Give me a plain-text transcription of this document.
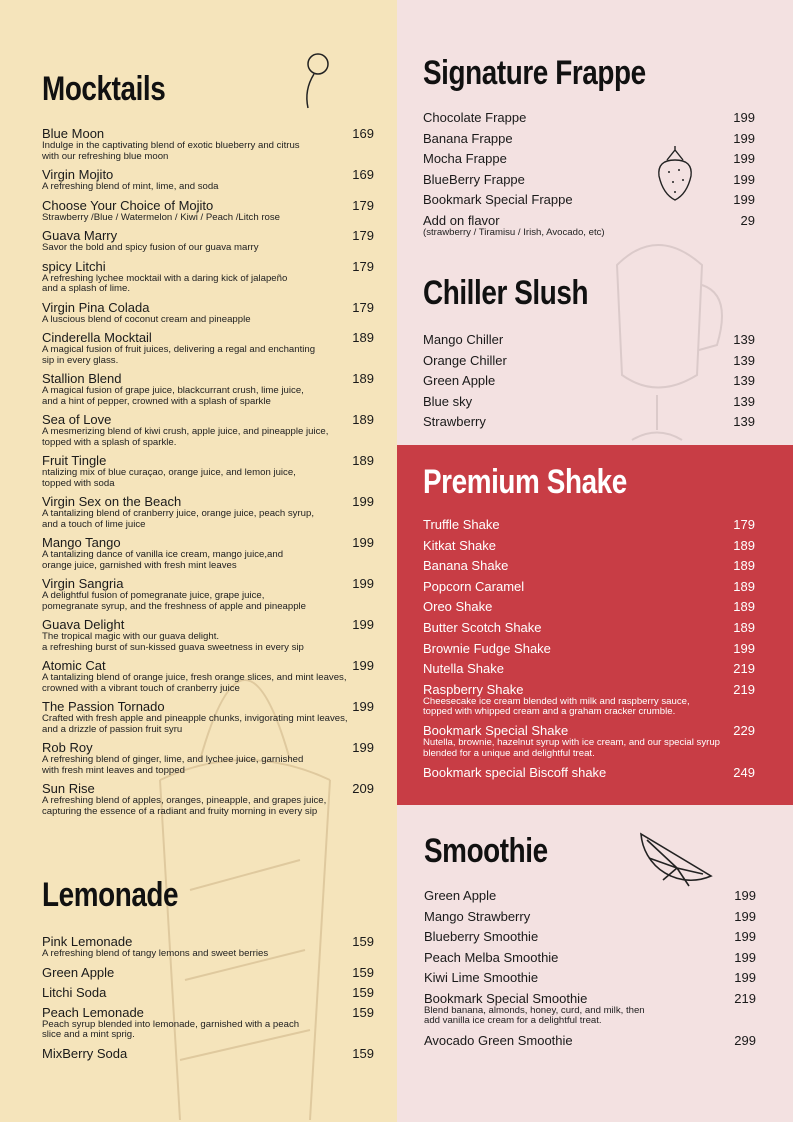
Mocktails
Blue Moon	169
Indulge in the captivating blend of exotic blueberry and citrus
with our refreshing blue moon
Virgin Mojito	169
A refreshing blend of mint, lime, and soda
Choose Your Choice of Mojito	179
Strawberry /Blue / Watermelon / Kiwi / Peach /Litch rose
Guava Marry	179
Savor the bold and spicy fusion of our guava marry
spicy Litchi	179
A refreshing lychee mocktail with a daring kick of jalapeño
and a splash of lime.
Virgin Pina Colada	179
A luscious blend of coconut cream and pineapple
Cinderella Mocktail	189
A magical fusion of fruit juices, delivering a regal and enchanting
sip in every glass.
Stallion Blend	189
A magical fusion of grape juice, blackcurrant crush, lime juice,
and a hint of pepper, crowned with a splash of sparkle
Sea of Love	189
A mesmerizing blend of kiwi crush, apple juice, and pineapple juice,
topped with a splash of sparkle.
Fruit Tingle	189
ntalizing mix of blue curaçao, orange juice, and lemon juice,
topped with soda
Virgin Sex on the Beach	199
A tantalizing blend of cranberry juice, orange juice, peach syrup,
and a touch of lime juice
Mango Tango	199
A tantalizing dance of vanilla ice cream, mango juice,and
orange juice, garnished with fresh mint leaves
Virgin Sangria	199
A delightful fusion of pomegranate juice, grape juice,
pomegranate syrup, and the freshness of apple and pineapple
Guava Delight	199
The tropical magic with our guava delight.
a refreshing burst of sun-kissed guava sweetness in every sip
Atomic Cat	199
A tantalizing blend of orange juice, fresh orange slices, and mint leaves,
crowned with a vibrant touch of cranberry juice
The Passion Tornado	199
Crafted with fresh apple and pineapple chunks, invigorating mint leaves,
and a drizzle of passion fruit syru
Rob Roy	199
A refreshing blend of ginger, lime, and lychee juice, garnished
with fresh mint leaves and topped
Sun Rise	209
A refreshing blend of apples, oranges, pineapple, and grapes juice,
capturing the essence of a radiant and fruity morning in every sip
Lemonade
Pink Lemonade	159
A refreshing blend of tangy lemons and sweet berries
Green Apple	159
Litchi Soda	159
Peach Lemonade	159
Peach syrup blended into lemonade, garnished with a peach
slice and a mint sprig.
MixBerry Soda	159
Signature Frappe
Chocolate Frappe	199
Banana Frappe	199
Mocha Frappe	199
BlueBerry Frappe	199
Bookmark Special Frappe	199
Add on flavor	29
(strawberry / Tiramisu / Irish, Avocado, etc)
Chiller Slush
Mango Chiller	139
Orange Chiller	139
Green Apple	139
Blue sky	139
Strawberry	139
Premium Shake
Truffle Shake	179
Kitkat Shake	189
Banana Shake	189
Popcorn Caramel	189
Oreo Shake	189
Butter Scotch Shake	189
Brownie Fudge Shake	199
Nutella Shake	219
Raspberry Shake	219
Cheesecake ice cream blended with milk and raspberry sauce,
topped with whipped cream and a graham cracker crumble.
Bookmark Special Shake	229
Nutella, brownie, hazelnut syrup with ice cream, and our special syrup
blended for a unique and delightful treat.
Bookmark special Biscoff shake	249
Smoothie
Green Apple	199
Mango Strawberry	199
Blueberry Smoothie	199
Peach Melba Smoothie	199
Kiwi Lime Smoothie	199
Bookmark Special Smoothie	219
Blend banana, almonds, honey, curd, and milk, then
add vanilla ice cream for a delightful treat.
Avocado Green Smoothie	299
